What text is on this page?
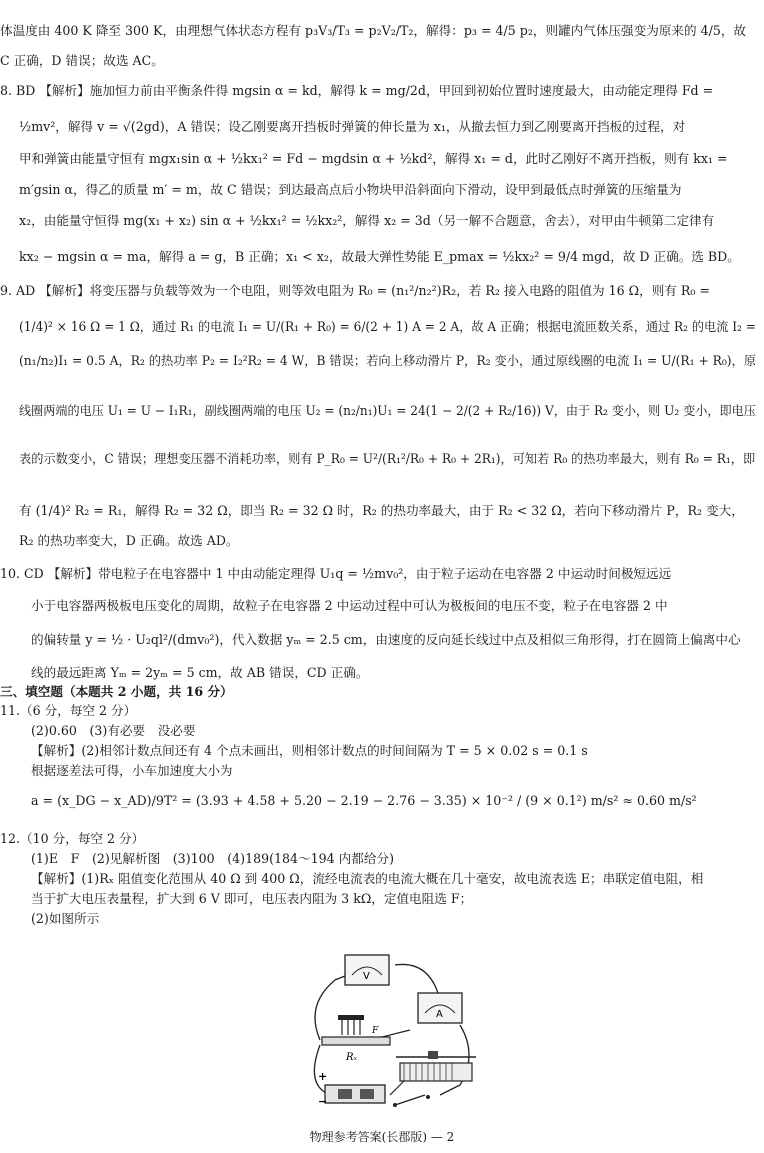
体温度由 400 K 降至 300 K，由理想气体状态方程有 p₃V₃/T₃ = p₂V₂/T₂，解得：p₃ = 4/5 p₂，则罐内气体压强变为原来的 4/5，故
C 正确，D 错误；故选 AC。
8. BD 【解析】施加恒力前由平衡条件得 mgsin α = kd，解得 k = mg/2d，甲回到初始位置时速度最大，由动能定理得 Fd =
½mv²，解得 v = √(2gd)，A 错误；设乙刚要离开挡板时弹簧的伸长量为 x₁，从撤去恒力到乙刚要离开挡板的过程，对
甲和弹簧由能量守恒有 mgx₁sin α + ½kx₁² = Fd − mgdsin α + ½kd²，解得 x₁ = d，此时乙刚好不离开挡板，则有 kx₁ =
m′gsin α，得乙的质量 m′ = m，故 C 错误；到达最高点后小物块甲沿斜面向下滑动，设甲到最低点时弹簧的压缩量为
x₂，由能量守恒得 mg(x₁ + x₂) sin α + ½kx₁² = ½kx₂²，解得 x₂ = 3d（另一解不合题意，舍去），对甲由牛顿第二定律有
kx₂ − mgsin α = ma，解得 a = g，B 正确；x₁ < x₂，故最大弹性势能 E_pmax = ½kx₂² = 9/4 mgd，故 D 正确。选 BD。
9. AD 【解析】将变压器与负载等效为一个电阻，则等效电阻为 R₀ = (n₁²/n₂²)R₂，若 R₂ 接入电路的阻值为 16 Ω，则有 R₀ =
(1/4)² × 16 Ω = 1 Ω，通过 R₁ 的电流 I₁ = U/(R₁ + R₀) = 6/(2 + 1) A = 2 A，故 A 正确；根据电流匝数关系，通过 R₂ 的电流 I₂ =
(n₁/n₂)I₁ = 0.5 A，R₂ 的热功率 P₂ = I₂²R₂ = 4 W，B 错误；若向上移动滑片 P，R₂ 变小，通过原线圈的电流 I₁ = U/(R₁ + R₀)，原
线圈两端的电压 U₁ = U − I₁R₁，副线圈两端的电压 U₂ = (n₂/n₁)U₁ = 24(1 − 2/(2 + R₂/16)) V，由于 R₂ 变小，则 U₂ 变小，即电压
表的示数变小，C 错误；理想变压器不消耗功率，则有 P_R₀ = U²/(R₁²/R₀ + R₀ + 2R₁)，可知若 R₀ 的热功率最大，则有 R₀ = R₁，即
有 (1/4)² R₂ = R₁，解得 R₂ = 32 Ω，即当 R₂ = 32 Ω 时，R₂ 的热功率最大，由于 R₂ < 32 Ω，若向下移动滑片 P，R₂ 变大，
R₂ 的热功率变大，D 正确。故选 AD。
10. CD 【解析】带电粒子在电容器中 1 中由动能定理得 U₁q = ½mv₀²，由于粒子运动在电容器 2 中运动时间极短远远
小于电容器两极板电压变化的周期，故粒子在电容器 2 中运动过程中可认为极板间的电压不变，粒子在电容器 2 中
的偏转量 y = ½ · U₂ql²/(dmv₀²)，代入数据 yₘ = 2.5 cm，由速度的反向延长线过中点及相似三角形得，打在圆筒上偏离中心
线的最远距离 Yₘ = 2yₘ = 5 cm，故 AB 错误，CD 正确。
三、填空题（本题共 2 小题，共 16 分）
11.（6 分，每空 2 分）
(2)0.60　(3)有必要　没必要
【解析】(2)相邻计数点间还有 4 个点未画出，则相邻计数点的时间间隔为 T = 5 × 0.02 s = 0.1 s
根据逐差法可得，小车加速度大小为
a = (x_DG − x_AD)/9T² = (3.93 + 4.58 + 5.20 − 2.19 − 2.76 − 3.35) × 10⁻² / (9 × 0.1²) m/s² ≈ 0.60 m/s²
12.（10 分，每空 2 分）
(1)E　F　(2)见解析图　(3)100　(4)189(184～194 内都给分)
【解析】(1)Rₓ 阻值变化范围从 40 Ω 到 400 Ω，流经电流表的电流大概在几十毫安，故电流表选 E；串联定值电阻，相
当于扩大电压表量程，扩大到 6 V 即可，电压表内阻为 3 kΩ，定值电阻选 F；
(2)如图所示
V
A
F
Rₓ
+
−
物理参考答案(长郡版) — 2
